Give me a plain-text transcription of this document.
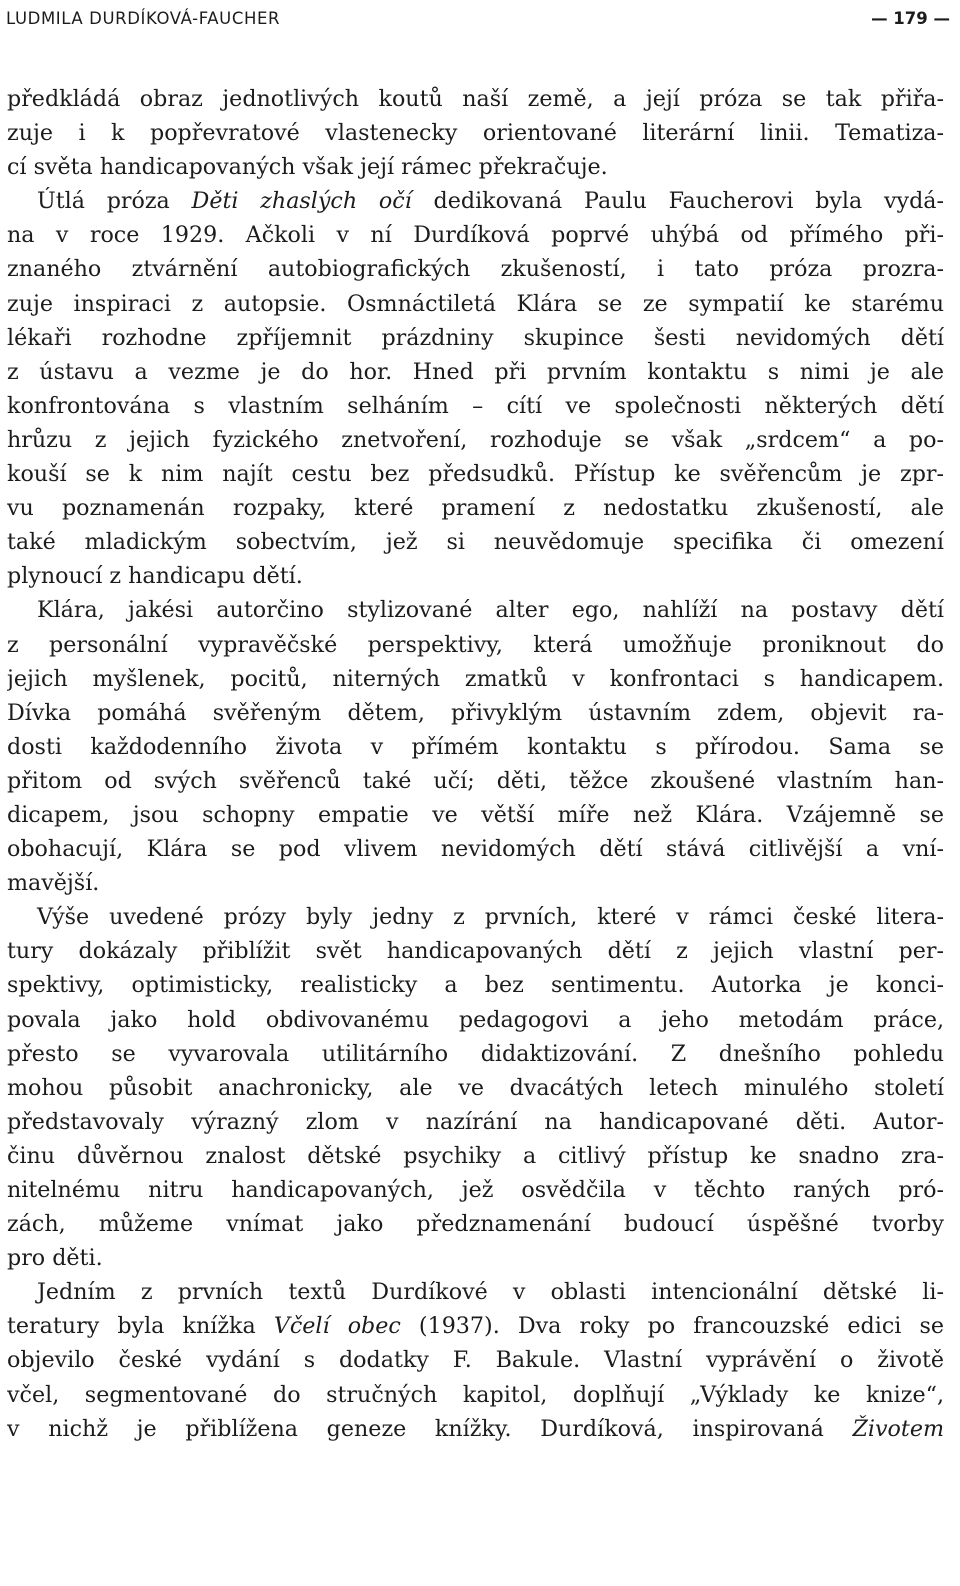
LUDMILA DURDÍKOVÁ-FAUCHER	— 179 —
předkládá obraz jednotlivých koutů naší země, a její próza se tak přiřa-
zuje i k popřevratové vlastenecky orientované literární linii. Tematiza-
cí světa handicapovaných však její rámec překračuje.
Útlá próza Děti zhaslých očí dedikovaná Paulu Faucherovi byla vydá-
na v roce 1929. Ačkoli v ní Durdíková poprvé uhýbá od přímého při-
znaného ztvárnění autobiografických zkušeností, i tato próza prozra-
zuje inspiraci z autopsie. Osmnáctiletá Klára se ze sympatií ke starému
lékaři rozhodne zpříjemnit prázdniny skupince šesti nevidomých dětí
z ústavu a vezme je do hor. Hned při prvním kontaktu s nimi je ale
konfrontována s vlastním selháním – cítí ve společnosti některých dětí
hrůzu z jejich fyzického znetvoření, rozhoduje se však „srdcem“ a po-
kouší se k nim najít cestu bez předsudků. Přístup ke svěřencům je zpr-
vu poznamenán rozpaky, které pramení z nedostatku zkušeností, ale
také mladickým sobectvím, jež si neuvědomuje specifika či omezení
plynoucí z handicapu dětí.
Klára, jakési autorčino stylizované alter ego, nahlíží na postavy dětí
z personální vypravěčské perspektivy, která umožňuje proniknout do
jejich myšlenek, pocitů, niterných zmatků v konfrontaci s handicapem.
Dívka pomáhá svěřeným dětem, přivyklým ústavním zdem, objevit ra-
dosti každodenního života v přímém kontaktu s přírodou. Sama se
přitom od svých svěřenců také učí; děti, těžce zkoušené vlastním han-
dicapem, jsou schopny empatie ve větší míře než Klára. Vzájemně se
obohacují, Klára se pod vlivem nevidomých dětí stává citlivější a vní-
mavější.
Výše uvedené prózy byly jedny z prvních, které v rámci české litera-
tury dokázaly přiblížit svět handicapovaných dětí z jejich vlastní per-
spektivy, optimisticky, realisticky a bez sentimentu. Autorka je konci-
povala jako hold obdivovanému pedagogovi a jeho metodám práce,
přesto se vyvarovala utilitárního didaktizování. Z dnešního pohledu
mohou působit anachronicky, ale ve dvacátých letech minulého století
představovaly výrazný zlom v nazírání na handicapované děti. Autor-
činu důvěrnou znalost dětské psychiky a citlivý přístup ke snadno zra-
nitelnému nitru handicapovaných, jež osvědčila v těchto raných pró-
zách, můžeme vnímat jako předznamenání budoucí úspěšné tvorby
pro děti.
Jedním z prvních textů Durdíkové v oblasti intencionální dětské li-
teratury byla knížka Včelí obec (1937). Dva roky po francouzské edici se
objevilo české vydání s dodatky F. Bakule. Vlastní vyprávění o životě
včel, segmentované do stručných kapitol, doplňují „Výklady ke knize“,
v nichž je přiblížena geneze knížky. Durdíková, inspirovaná Životem
